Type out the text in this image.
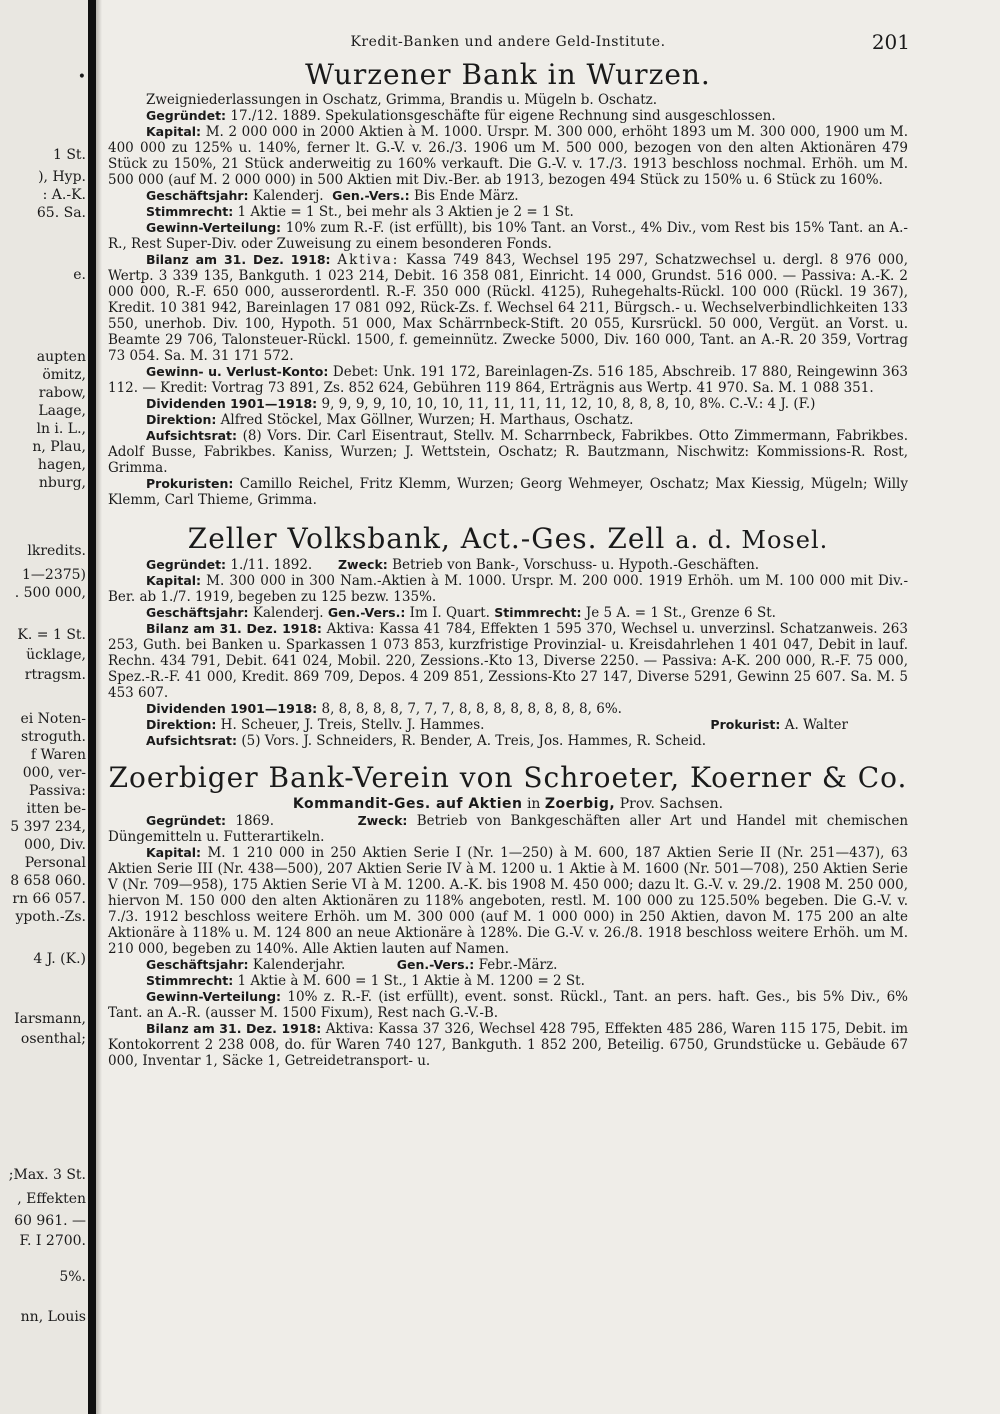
•
1 St.
), Hyp.
: A.-K.
65. Sa.
e.
aupten
ömitz,
rabow,
Laage,
ln i. L.,
n, Plau,
hagen,
nburg,
lkredits.
1—2375)
. 500 000,
K. = 1 St.
ücklage,
rtragsm.
ei Noten-
stroguth.
f Waren
000, ver-
Passiva:
itten be-
5 397 234,
000, Div.
Personal
8 658 060.
rn 66 057.
ypoth.-Zs.
4 J. (K.)
Iarsmann,
osenthal;
;Max. 3 St.
, Effekten
60 961. —
F. I 2700.
5%.
nn, Louis
Kredit-Banken und andere Geld-Institute.	201
Wurzener Bank in Wurzen.

Zweigniederlassungen in Oschatz, Grimma, Brandis u. Mügeln b. Oschatz.

Gegründet: 17./12. 1889. Spekulationsgeschäfte für eigene Rechnung sind ausgeschlossen.

Kapital: M. 2 000 000 in 2000 Aktien à M. 1000. Urspr. M. 300 000, erhöht 1893 um M. 300 000, 1900 um M. 400 000 zu 125% u. 140%, ferner lt. G.-V. v. 26./3. 1906 um M. 500 000, bezogen von den alten Aktionären 479 Stück zu 150%, 21 Stück anderweitig zu 160% verkauft. Die G.-V. v. 17./3. 1913 beschloss nochmal. Erhöh. um M. 500 000 (auf M. 2 000 000) in 500 Aktien mit Div.-Ber. ab 1913, bezogen 494 Stück zu 150% u. 6 Stück zu 160%.

Geschäftsjahr: Kalenderj. Gen.-Vers.: Bis Ende März.

Stimmrecht: 1 Aktie = 1 St., bei mehr als 3 Aktien je 2 = 1 St.

Gewinn-Verteilung: 10% zum R.-F. (ist erfüllt), bis 10% Tant. an Vorst., 4% Div., vom Rest bis 15% Tant. an A.-R., Rest Super-Div. oder Zuweisung zu einem besonderen Fonds.

Bilanz am 31. Dez. 1918: Aktiva: Kassa 749 843, Wechsel 195 297, Schatzwechsel u. dergl. 8 976 000, Wertp. 3 339 135, Bankguth. 1 023 214, Debit. 16 358 081, Einricht. 14 000, Grundst. 516 000. — Passiva: A.-K. 2 000 000, R.-F. 650 000, ausserordentl. R.-F. 350 000 (Rückl. 4125), Ruhegehalts-Rückl. 100 000 (Rückl. 19 367), Kredit. 10 381 942, Bareinlagen 17 081 092, Rück-Zs. f. Wechsel 64 211, Bürgsch.- u. Wechselverbindlichkeiten 133 550, unerhob. Div. 100, Hypoth. 51 000, Max Schärrnbeck-Stift. 20 055, Kursrückl. 50 000, Vergüt. an Vorst. u. Beamte 29 706, Talonsteuer-Rückl. 1500, f. gemeinnütz. Zwecke 5000, Div. 160 000, Tant. an A.-R. 20 359, Vortrag 73 054. Sa. M. 31 171 572.

Gewinn- u. Verlust-Konto: Debet: Unk. 191 172, Bareinlagen-Zs. 516 185, Abschreib. 17 880, Reingewinn 363 112. — Kredit: Vortrag 73 891, Zs. 852 624, Gebühren 119 864, Erträgnis aus Wertp. 41 970. Sa. M. 1 088 351.

Dividenden 1901—1918: 9, 9, 9, 9, 10, 10, 10, 11, 11, 11, 11, 12, 10, 8, 8, 8, 10, 8%. C.-V.: 4 J. (F.)

Direktion: Alfred Stöckel, Max Göllner, Wurzen; H. Marthaus, Oschatz.

Aufsichtsrat: (8) Vors. Dir. Carl Eisentraut, Stellv. M. Scharrnbeck, Fabrikbes. Otto Zimmermann, Fabrikbes. Adolf Busse, Fabrikbes. Kaniss, Wurzen; J. Wettstein, Oschatz; R. Bautzmann, Nischwitz: Kommissions-R. Rost, Grimma.

Prokuristen: Camillo Reichel, Fritz Klemm, Wurzen; Georg Wehmeyer, Oschatz; Max Kiessig, Mügeln; Willy Klemm, Carl Thieme, Grimma.

Zeller Volksbank, Act.-Ges. Zell a. d. Mosel.

Gegründet: 1./11. 1892. Zweck: Betrieb von Bank-, Vorschuss- u. Hypoth.-Geschäften.

Kapital: M. 300 000 in 300 Nam.-Aktien à M. 1000. Urspr. M. 200 000. 1919 Erhöh. um M. 100 000 mit Div.-Ber. ab 1./7. 1919, begeben zu 125 bezw. 135%.

Geschäftsjahr: Kalenderj. Gen.-Vers.: Im I. Quart. Stimmrecht: Je 5 A. = 1 St., Grenze 6 St.

Bilanz am 31. Dez. 1918: Aktiva: Kassa 41 784, Effekten 1 595 370, Wechsel u. unverzinsl. Schatzanweis. 263 253, Guth. bei Banken u. Sparkassen 1 073 853, kurzfristige Provinzial- u. Kreisdahrlehen 1 401 047, Debit in lauf. Rechn. 434 791, Debit. 641 024, Mobil. 220, Zessions.-Kto 13, Diverse 2250. — Passiva: A-K. 200 000, R.-F. 75 000, Spez.-R.-F. 41 000, Kredit. 869 709, Depos. 4 209 851, Zessions-Kto 27 147, Diverse 5291, Gewinn 25 607. Sa. M. 5 453 607.

Dividenden 1901—1918: 8, 8, 8, 8, 8, 7, 7, 7, 8, 8, 8, 8, 8, 8, 8, 8, 6%.

Direktion: H. Scheuer, J. Treis, Stellv. J. Hammes.	Prokurist: A. Walter

Aufsichtsrat: (5) Vors. J. Schneiders, R. Bender, A. Treis, Jos. Hammes, R. Scheid.

Zoerbiger Bank-Verein von Schroeter, Koerner & Co.

Kommandit-Ges. auf Aktien in Zoerbig, Prov. Sachsen.

Gegründet: 1869.	Zweck: Betrieb von Bankgeschäften aller Art und Handel mit chemischen Düngemitteln u. Futterartikeln.

Kapital: M. 1 210 000 in 250 Aktien Serie I (Nr. 1—250) à M. 600, 187 Aktien Serie II (Nr. 251—437), 63 Aktien Serie III (Nr. 438—500), 207 Aktien Serie IV à M. 1200 u. 1 Aktie à M. 1600 (Nr. 501—708), 250 Aktien Serie V (Nr. 709—958), 175 Aktien Serie VI à M. 1200. A.-K. bis 1908 M. 450 000; dazu lt. G.-V. v. 29./2. 1908 M. 250 000, hiervon M. 150 000 den alten Aktionären zu 118% angeboten, restl. M. 100 000 zu 125.50% begeben. Die G.-V. v. 7./3. 1912 beschloss weitere Erhöh. um M. 300 000 (auf M. 1 000 000) in 250 Aktien, davon M. 175 200 an alte Aktionäre à 118% u. M. 124 800 an neue Aktionäre à 128%. Die G.-V. v. 26./8. 1918 beschloss weitere Erhöh. um M. 210 000, begeben zu 140%. Alle Aktien lauten auf Namen.

Geschäftsjahr: Kalenderjahr.	Gen.-Vers.: Febr.-März.

Stimmrecht: 1 Aktie à M. 600 = 1 St., 1 Aktie à M. 1200 = 2 St.

Gewinn-Verteilung: 10% z. R.-F. (ist erfüllt), event. sonst. Rückl., Tant. an pers. haft. Ges., bis 5% Div., 6% Tant. an A.-R. (ausser M. 1500 Fixum), Rest nach G.-V.-B.

Bilanz am 31. Dez. 1918: Aktiva: Kassa 37 326, Wechsel 428 795, Effekten 485 286, Waren 115 175, Debit. im Kontokorrent 2 238 008, do. für Waren 740 127, Bankguth. 1 852 200, Beteilig. 6750, Grundstücke u. Gebäude 67 000, Inventar 1, Säcke 1, Getreidetransport- u.
